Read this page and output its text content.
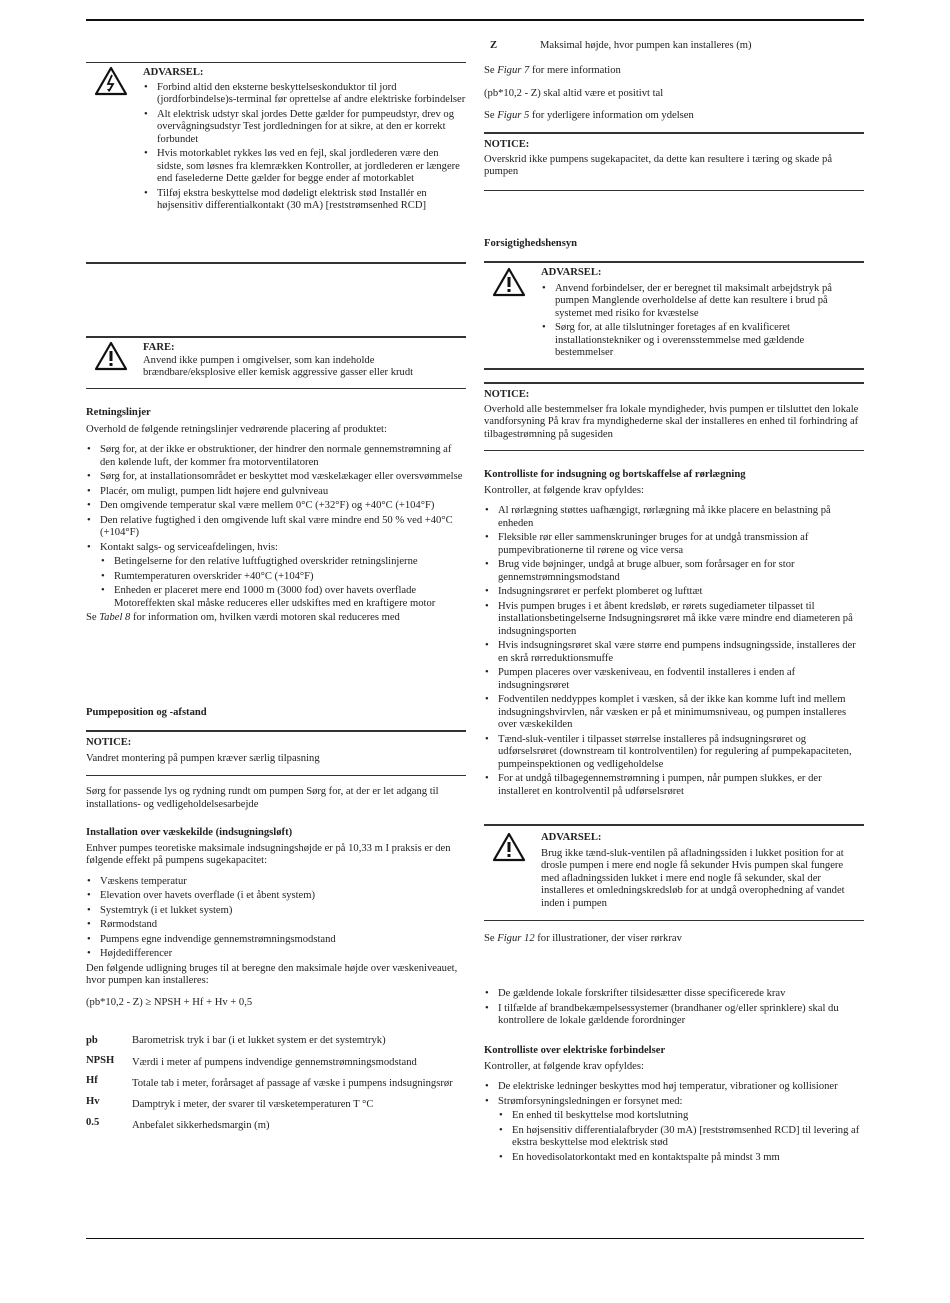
ADVARSEL:
• Forbind altid den eksterne beskyttelseskonduktor til jord (jordforbindelse)s-terminal før oprettelse af andre elektriske forbindelser
• Alt elektrisk udstyr skal jordes Dette gælder for pumpeudstyr, drev og overvågningsudstyr Test jordledningen for at sikre, at den er korrekt forbundet
• Hvis motorkablet rykkes løs ved en fejl, skal jordlederen være den sidste, som løsnes fra klemrækken Kontroller, at jordlederen er længere end faselederne Dette gælder for begge ender af motorkablet
• Tilføj ekstra beskyttelse mod dødeligt elektrisk stød Installér en højsensitiv differentialkontakt (30 mA) [reststrømsenhed RCD]
FARE:
Anvend ikke pumpen i omgivelser, som kan indeholde brændbare/eksplosive eller kemisk aggressive gasser eller krudt
Retningslinjer
Overhold de følgende retningslinjer vedrørende placering af produktet:
• Sørg for, at der ikke er obstruktioner, der hindrer den normale gennemstrømning af den kølende luft, der kommer fra motorventilatoren
• Sørg for, at installationsområdet er beskyttet mod væskelækager eller oversvømmelse
• Placér, om muligt, pumpen lidt højere end gulvniveau
• Den omgivende temperatur skal være mellem 0°C (+32°F) og +40°C (+104°F)
• Den relative fugtighed i den omgivende luft skal være mindre end 50 % ved +40°C (+104°F)
• Kontakt salgs- og serviceafdelingen, hvis:
• Betingelserne for den relative luftfugtighed overskrider retningslinjerne
• Rumtemperaturen overskrider +40°C (+104°F)
• Enheden er placeret mere end 1000 m (3000 fod) over havets overflade Motoreffekten skal måske reduceres eller udskiftes med en kraftigere motor
Se Tabel 8 for information om, hvilken værdi motoren skal reduceres med
Pumpeposition og -afstand
NOTICE:
Vandret montering på pumpen kræver særlig tilpasning
Sørg for passende lys og rydning rundt om pumpen Sørg for, at der er let adgang til installations- og vedligeholdelsesarbejde
Installation over væskekilde (indsugningsløft)
Enhver pumpes teoretiske maksimale indsugningshøjde er på 10,33 m I praksis er den følgende effekt på pumpens sugekapacitet:
• Væskens temperatur
• Elevation over havets overflade (i et åbent system)
• Systemtryk (i et lukket system)
• Rørmodstand
• Pumpens egne indvendige gennemstrømningsmodstand
• Højdedifferencer
Den følgende udligning bruges til at beregne den maksimale højde over væskeniveauet, hvor pumpen kan installeres:
(pb*10,2 - Z) ≥ NPSH + Hf + Hv + 0,5
pb	Barometrisk tryk i bar (i et lukket system er det systemtryk)
NPSH	Værdi i meter af pumpens indvendige gennemstrømningsmodstand
Hf	Totale tab i meter, forårsaget af passage af væske i pumpens indsugningsrør
Hv	Damptryk i meter, der svarer til væsketemperaturen T °C
0.5	Anbefalet sikkerhedsmargin (m)
Z	Maksimal højde, hvor pumpen kan installeres (m)
Se Figur 7 for mere information
(pb*10,2 - Z) skal altid være et positivt tal
Se Figur 5 for yderligere information om ydelsen
NOTICE:
Overskrid ikke pumpens sugekapacitet, da dette kan resultere i tæring og skade på pumpen
Forsigtighedshensyn
ADVARSEL:
• Anvend forbindelser, der er beregnet til maksimalt arbejdstryk på pumpen Manglende overholdelse af dette kan resultere i brud på systemet med risiko for kvæstelse
• Sørg for, at alle tilslutninger foretages af en kvalificeret installationstekniker og i overensstemmelse med gældende bestemmelser
NOTICE:
Overhold alle bestemmelser fra lokale myndigheder, hvis pumpen er tilsluttet den lokale vandforsyning På krav fra myndighederne skal der installeres en enhed til forhindring af tilbagestrømning på sugesiden
Kontrolliste for indsugning og bortskaffelse af rørlægning
Kontroller, at følgende krav opfyldes:
• Al rørlægning støttes uafhængigt, rørlægning må ikke placere en belastning på enheden
• Fleksible rør eller sammenskruninger bruges for at undgå transmission af pumpevibrationerne til rørene og vice versa
• Brug vide bøjninger, undgå at bruge albuer, som forårsager en for stor gennemstrømningsmodstand
• Indsugningsrøret er perfekt plomberet og lufttæt
• Hvis pumpen bruges i et åbent kredsløb, er rørets sugediameter tilpasset til installationsbetingelserne Indsugningsrøret må ikke være mindre end diameteren på indsugningsporten
• Hvis indsugningsrøret skal være større end pumpens indsugningsside, installeres der en skrå rørreduktionsmuffe
• Pumpen placeres over væskeniveau, en fodventil installeres i enden af indsugningsrøret
• Fodventilen neddyppes komplet i væsken, så der ikke kan komme luft ind mellem indsugningshvirvlen, når væsken er på et minimumsniveau, og pumpen installeres over væskekilden
• Tænd-sluk-ventiler i tilpasset størrelse installeres på indsugningsrøret og udførselsrøret (downstream til kontrolventilen) for regulering af pumpekapaciteten, pumpeinspektionen og vedligeholdelse
• For at undgå tilbagegennemstrømning i pumpen, når pumpen slukkes, er der installeret en kontrolventil på udførselsrøret
ADVARSEL:
Brug ikke tænd-sluk-ventilen på afladningssiden i lukket position for at drosle pumpen i mere end nogle få sekunder Hvis pumpen skal fungere med afladningssiden lukket i mere end nogle få sekunder, skal der installeres et omledningskredsløb for at undgå overophedning af vandet inden i pumpen
Se Figur 12 for illustrationer, der viser rørkrav
• De gældende lokale forskrifter tilsidesætter disse specificerede krav
• I tilfælde af brandbekæmpelsessystemer (brandhaner og/eller sprinklere) skal du kontrollere de lokale gældende forordninger
Kontrolliste over elektriske forbindelser
Kontroller, at følgende krav opfyldes:
• De elektriske ledninger beskyttes mod høj temperatur, vibrationer og kollisioner
• Strømforsyningsledningen er forsynet med:
• En enhed til beskyttelse mod kortslutning
• En højsensitiv differentialafbryder (30 mA) [reststrømsenhed RCD] til levering af ekstra beskyttelse mod elektrisk stød
• En hovedisolatorkontakt med en kontaktspalte på mindst 3 mm
